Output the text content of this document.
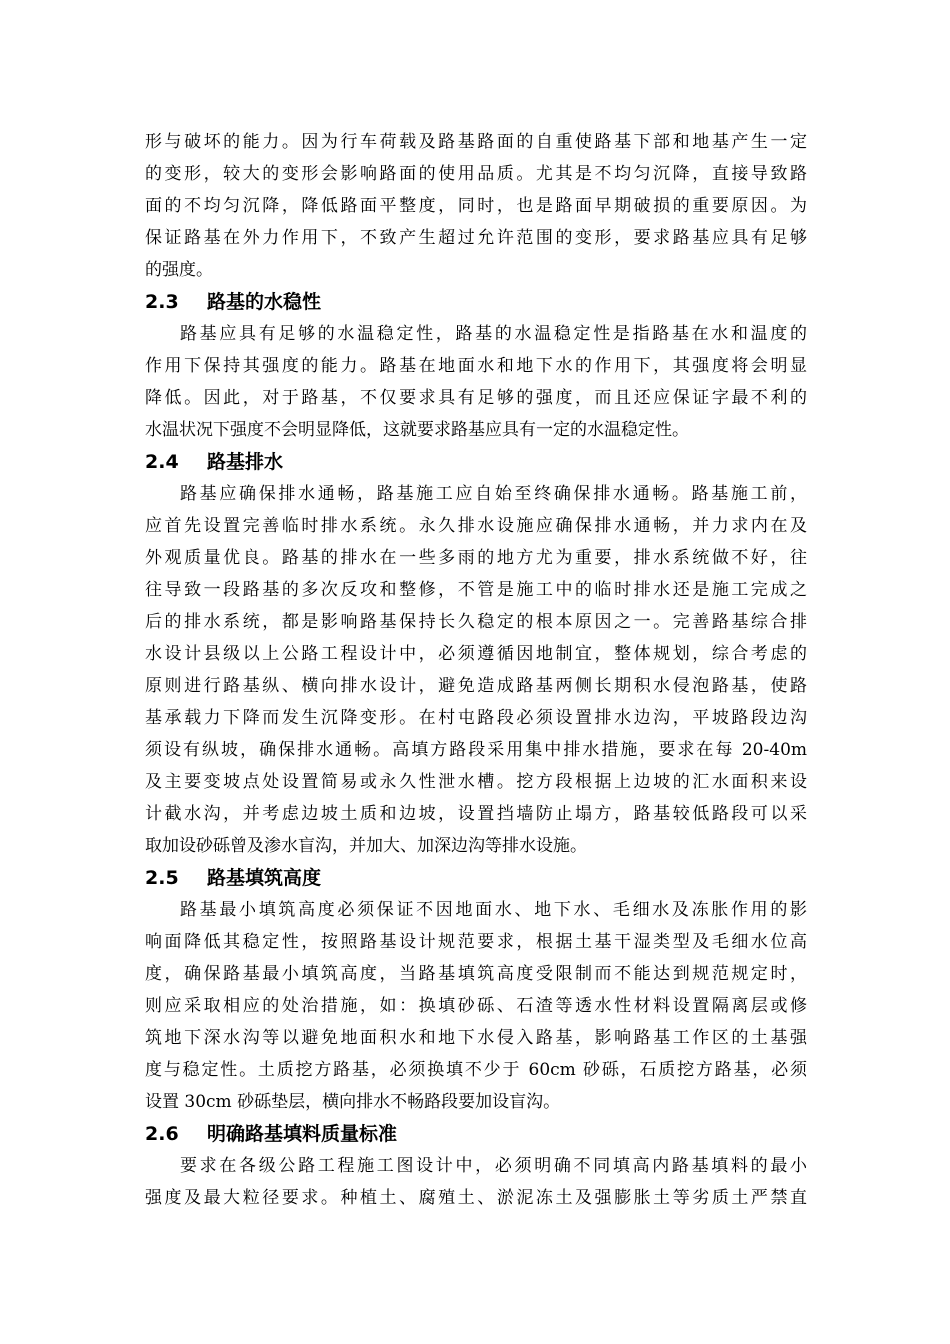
形与破坏的能力。因为行车荷载及路基路面的自重使路基下部和地基产生一定
的变形，较大的变形会影响路面的使用品质。尤其是不均匀沉降，直接导致路
面的不均匀沉降，降低路面平整度，同时，也是路面早期破损的重要原因。为
保证路基在外力作用下，不致产生超过允许范围的变形，要求路基应具有足够
的强度。
2.3	路基的水稳性
路基应具有足够的水温稳定性，路基的水温稳定性是指路基在水和温度的
作用下保持其强度的能力。路基在地面水和地下水的作用下，其强度将会明显
降低。因此，对于路基，不仅要求具有足够的强度，而且还应保证字最不利的
水温状况下强度不会明显降低，这就要求路基应具有一定的水温稳定性。
2.4	路基排水
路基应确保排水通畅，路基施工应自始至终确保排水通畅。路基施工前，
应首先设置完善临时排水系统。永久排水设施应确保排水通畅，并力求内在及
外观质量优良。路基的排水在一些多雨的地方尤为重要，排水系统做不好，往
往导致一段路基的多次反攻和整修，不管是施工中的临时排水还是施工完成之
后的排水系统，都是影响路基保持长久稳定的根本原因之一。完善路基综合排
水设计县级以上公路工程设计中，必须遵循因地制宜，整体规划，综合考虑的
原则进行路基纵、横向排水设计，避免造成路基两侧长期积水侵泡路基，使路
基承载力下降而发生沉降变形。在村屯路段必须设置排水边沟，平坡路段边沟
须设有纵坡，确保排水通畅。高填方路段采用集中排水措施，要求在每 20-40m
及主要变坡点处设置简易或永久性泄水槽。挖方段根据上边坡的汇水面积来设
计截水沟，并考虑边坡土质和边坡，设置挡墙防止塌方，路基较低路段可以采
取加设砂砾曾及渗水盲沟，并加大、加深边沟等排水设施。
2.5	路基填筑高度
路基最小填筑高度必须保证不因地面水、地下水、毛细水及冻胀作用的影
响面降低其稳定性，按照路基设计规范要求，根据土基干湿类型及毛细水位高
度，确保路基最小填筑高度，当路基填筑高度受限制而不能达到规范规定时，
则应采取相应的处治措施，如：换填砂砾、石渣等透水性材料设置隔离层或修
筑地下深水沟等以避免地面积水和地下水侵入路基，影响路基工作区的土基强
度与稳定性。土质挖方路基，必须换填不少于 60cm 砂砾，石质挖方路基，必须
设置 30cm 砂砾垫层，横向排水不畅路段要加设盲沟。
2.6	明确路基填料质量标准
要求在各级公路工程施工图设计中，必须明确不同填高内路基填料的最小
强度及最大粒径要求。种植土、腐殖土、淤泥冻土及强膨胀土等劣质土严禁直
